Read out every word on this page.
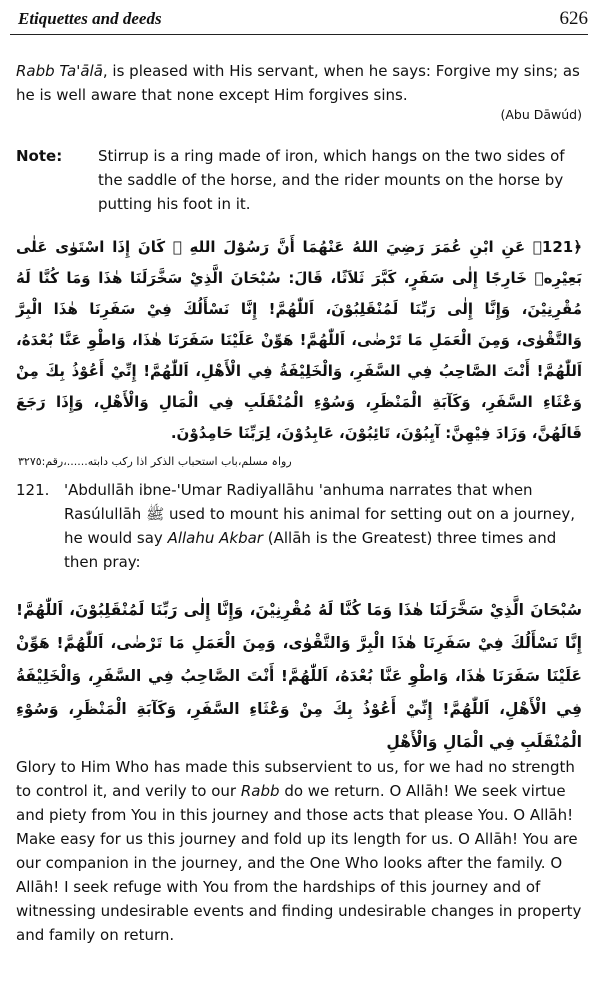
Etiquettes and deeds	626

Rabb Ta'ālā, is pleased with His servant, when he says: Forgive my sins; as he is well aware that none except Him forgives sins.

(Abu Dāwúd)
Note: Stirrup is a ring made of iron, which hangs on the two sides of the saddle of the horse, and the rider mounts on the horse by putting his foot in it.

﴿121﴾ عَنِ ابْنِ عُمَرَ رَضِيَ اللهُ عَنْهُمَا أَنَّ رَسُوْلَ اللهِ ﷺ كَانَ إِذَا اسْتَوٰى عَلٰى بَعِيْرِهٖ خَارِجًا إِلٰى سَفَرٍ، كَبَّرَ ثَلاَثًا، قَالَ: سُبْحَانَ الَّذِيْ سَخَّرَلَنَا هٰذَا وَمَا كُنَّا لَهُ مُقْرِنِيْنَ، وَإِنَّا إِلٰى رَبِّنَا لَمُنْقَلِبُوْنَ، اَللّٰهُمَّ! إِنَّا نَسْأَلُكَ فِيْ سَفَرِنَا هٰذَا الْبِرَّ وَالتَّقْوٰى، وَمِنَ الْعَمَلِ مَا تَرْضٰى، اَللّٰهُمَّ! هَوِّنْ عَلَيْنَا سَفَرَنَا هٰذَا، وَاطْوِ عَنَّا بُعْدَهُ، اَللّٰهُمَّ! أَنْتَ الصَّاحِبُ فِي السَّفَرِ، وَالْخَلِيْفَةُ فِي الْأَهْلِ، اَللّٰهُمَّ! إِنِّيْ أَعُوْذُ بِكَ مِنْ وَعْثَاءِ السَّفَرِ، وَكَآبَةِ الْمَنْظَرِ، وَسُوْءِ الْمُنْقَلَبِ فِي الْمَالِ وَالْأَهْلِ، وَإِذَا رَجَعَ قَالَهُنَّ، وَزَادَ فِيْهِنَّ: آيِبُوْنَ، تَائِبُوْنَ، عَابِدُوْنَ، لِرَبِّنَا حَامِدُوْنَ.

رواہ مسلم،باب استحباب الذکر اذا رکب دابته......،رقم:٣٢٧٥
121. 'Abdullāh ibne-'Umar Radiyallāhu 'anhuma narrates that when Rasúlullāh ﷺ used to mount his animal for setting out on a journey, he would say Allahu Akbar (Allāh is the Greatest) three times and then pray:

سُبْحَانَ الَّذِيْ سَخَّرَلَنَا هٰذَا وَمَا كُنَّا لَهُ مُقْرِنِيْنَ، وَإِنَّا إِلٰى رَبِّنَا لَمُنْقَلِبُوْنَ، اَللّٰهُمَّ! إِنَّا نَسْأَلُكَ فِيْ سَفَرِنَا هٰذَا الْبِرَّ وَالتَّقْوٰى، وَمِنَ الْعَمَلِ مَا تَرْضٰى، اَللّٰهُمَّ! هَوِّنْ عَلَيْنَا سَفَرَنَا هٰذَا، وَاطْوِ عَنَّا بُعْدَهُ، اَللّٰهُمَّ! أَنْتَ الصَّاحِبُ فِي السَّفَرِ، وَالْخَلِيْفَةُ فِي الْأَهْلِ، اَللّٰهُمَّ! إِنِّيْ أَعُوْذُ بِكَ مِنْ وَعْثَاءِ السَّفَرِ، وَكَآبَةِ الْمَنْظَرِ، وَسُوْءِ الْمُنْقَلَبِ فِي الْمَالِ وَالْأَهْلِ

Glory to Him Who has made this subservient to us, for we had no strength to control it, and verily to our Rabb do we return. O Allāh! We seek virtue and piety from You in this journey and those acts that please You. O Allāh! Make easy for us this journey and fold up its length for us. O Allāh! You are our companion in the journey, and the One Who looks after the family. O Allāh! I seek refuge with You from the hardships of this journey and of witnessing undesirable events and finding undesirable changes in property and family on return.
